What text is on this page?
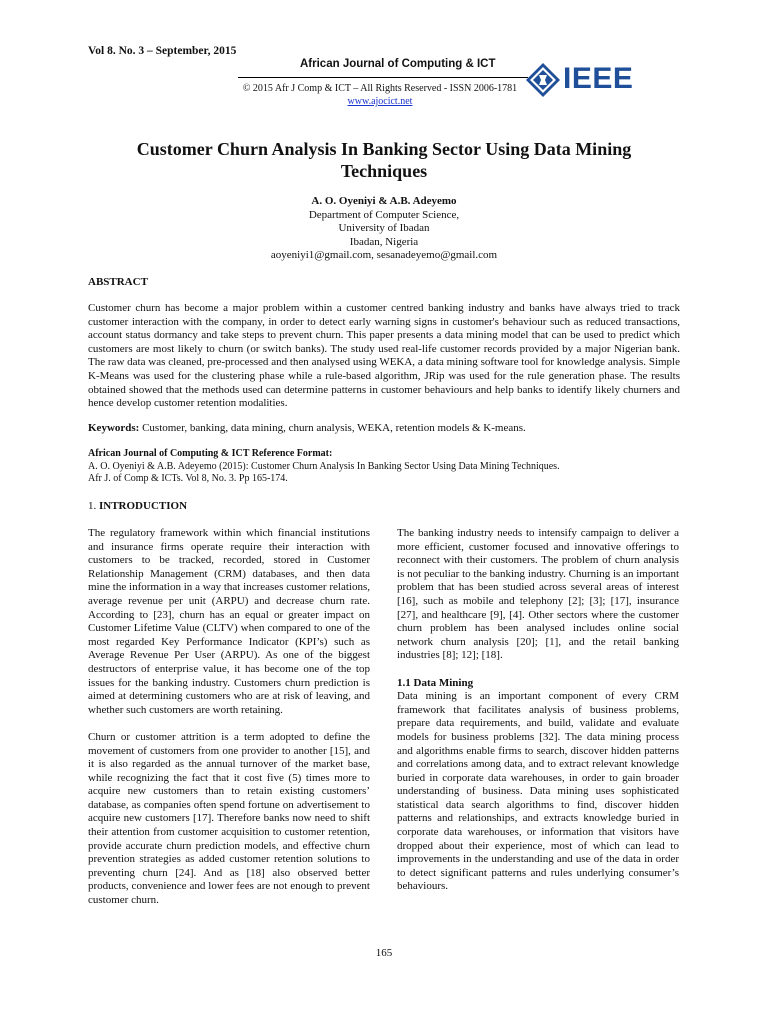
Vol 8. No. 3 – September, 2015
African Journal of Computing & ICT
© 2015 Afr J Comp & ICT – All Rights Reserved - ISSN 2006-1781
www.ajocict.net
IEEE
Customer Churn Analysis In Banking Sector Using Data Mining Techniques
A. O. Oyeniyi & A.B. Adeyemo
Department of Computer Science,
University of Ibadan
Ibadan, Nigeria
aoyeniyi1@gmail.com, sesanadeyemo@gmail.com
ABSTRACT
Customer churn has become a major problem within a customer centred banking industry and banks have always tried to track customer interaction with the company, in order to detect early warning signs in customer's behaviour such as reduced transactions, account status dormancy and take steps to prevent churn. This paper presents a data mining model that can be used to predict which customers are most likely to churn (or switch banks). The study used real-life customer records provided by a major Nigerian bank. The raw data was cleaned, pre-processed and then analysed using WEKA, a data mining software tool for knowledge analysis. Simple K-Means was used for the clustering phase while a rule-based algorithm, JRip was used for the rule generation phase. The results obtained showed that the methods used can determine patterns in customer behaviours and help banks to identify likely churners and hence develop customer retention modalities.
Keywords: Customer, banking, data mining, churn analysis, WEKA, retention models & K-means.
African Journal of Computing & ICT Reference Format:
A. O. Oyeniyi & A.B. Adeyemo (2015): Customer Churn Analysis In Banking Sector Using Data Mining Techniques.
Afr J. of Comp & ICTs. Vol 8, No. 3. Pp 165-174.
1. INTRODUCTION

The regulatory framework within which financial institutions and insurance firms operate require their interaction with customers to be tracked, recorded, stored in Customer Relationship Management (CRM) databases, and then data mine the information in a way that increases customer relations, average revenue per unit (ARPU) and decrease churn rate. According to [23], churn has an equal or greater impact on Customer Lifetime Value (CLTV) when compared to one of the most regarded Key Performance Indicator (KPI’s) such as Average Revenue Per User (ARPU). As one of the biggest destructors of enterprise value, it has become one of the top issues for the banking industry. Customers churn prediction is aimed at determining customers who are at risk of leaving, and whether such customers are worth retaining.

Churn or customer attrition is a term adopted to define the movement of customers from one provider to another [15], and it is also regarded as the annual turnover of the market base, while recognizing the fact that it cost five (5) times more to acquire new customers than to retain existing customers’ database, as companies often spend fortune on advertisement to acquire new customers [17]. Therefore banks now need to shift their attention from customer acquisition to customer retention, provide accurate churn prediction models, and effective churn prevention strategies as added customer retention solutions to preventing churn [24]. And as [18] also observed better products, convenience and lower fees are not enough to prevent customer churn.

The banking industry needs to intensify campaign to deliver a more efficient, customer focused and innovative offerings to reconnect with their customers. The problem of churn analysis is not peculiar to the banking industry. Churning is an important problem that has been studied across several areas of interest [16], such as mobile and telephony [2]; [3]; [17], insurance [27], and healthcare [9], [4]. Other sectors where the customer churn problem has been analysed includes online social network churn analysis [20]; [1], and the retail banking industries [8]; 12]; [18].

1.1 Data Mining

Data mining is an important component of every CRM framework that facilitates analysis of business problems, prepare data requirements, and build, validate and evaluate models for business problems [32]. The data mining process and algorithms enable firms to search, discover hidden patterns and correlations among data, and to extract relevant knowledge buried in corporate data warehouses, in order to gain broader understanding of business. Data mining uses sophisticated statistical data search algorithms to find, discover hidden patterns and relationships, and extracts knowledge buried in corporate data warehouses, or information that visitors have dropped about their experience, most of which can lead to improvements in the understanding and use of the data in order to detect significant patterns and rules underlying consumer’s behaviours.

165
